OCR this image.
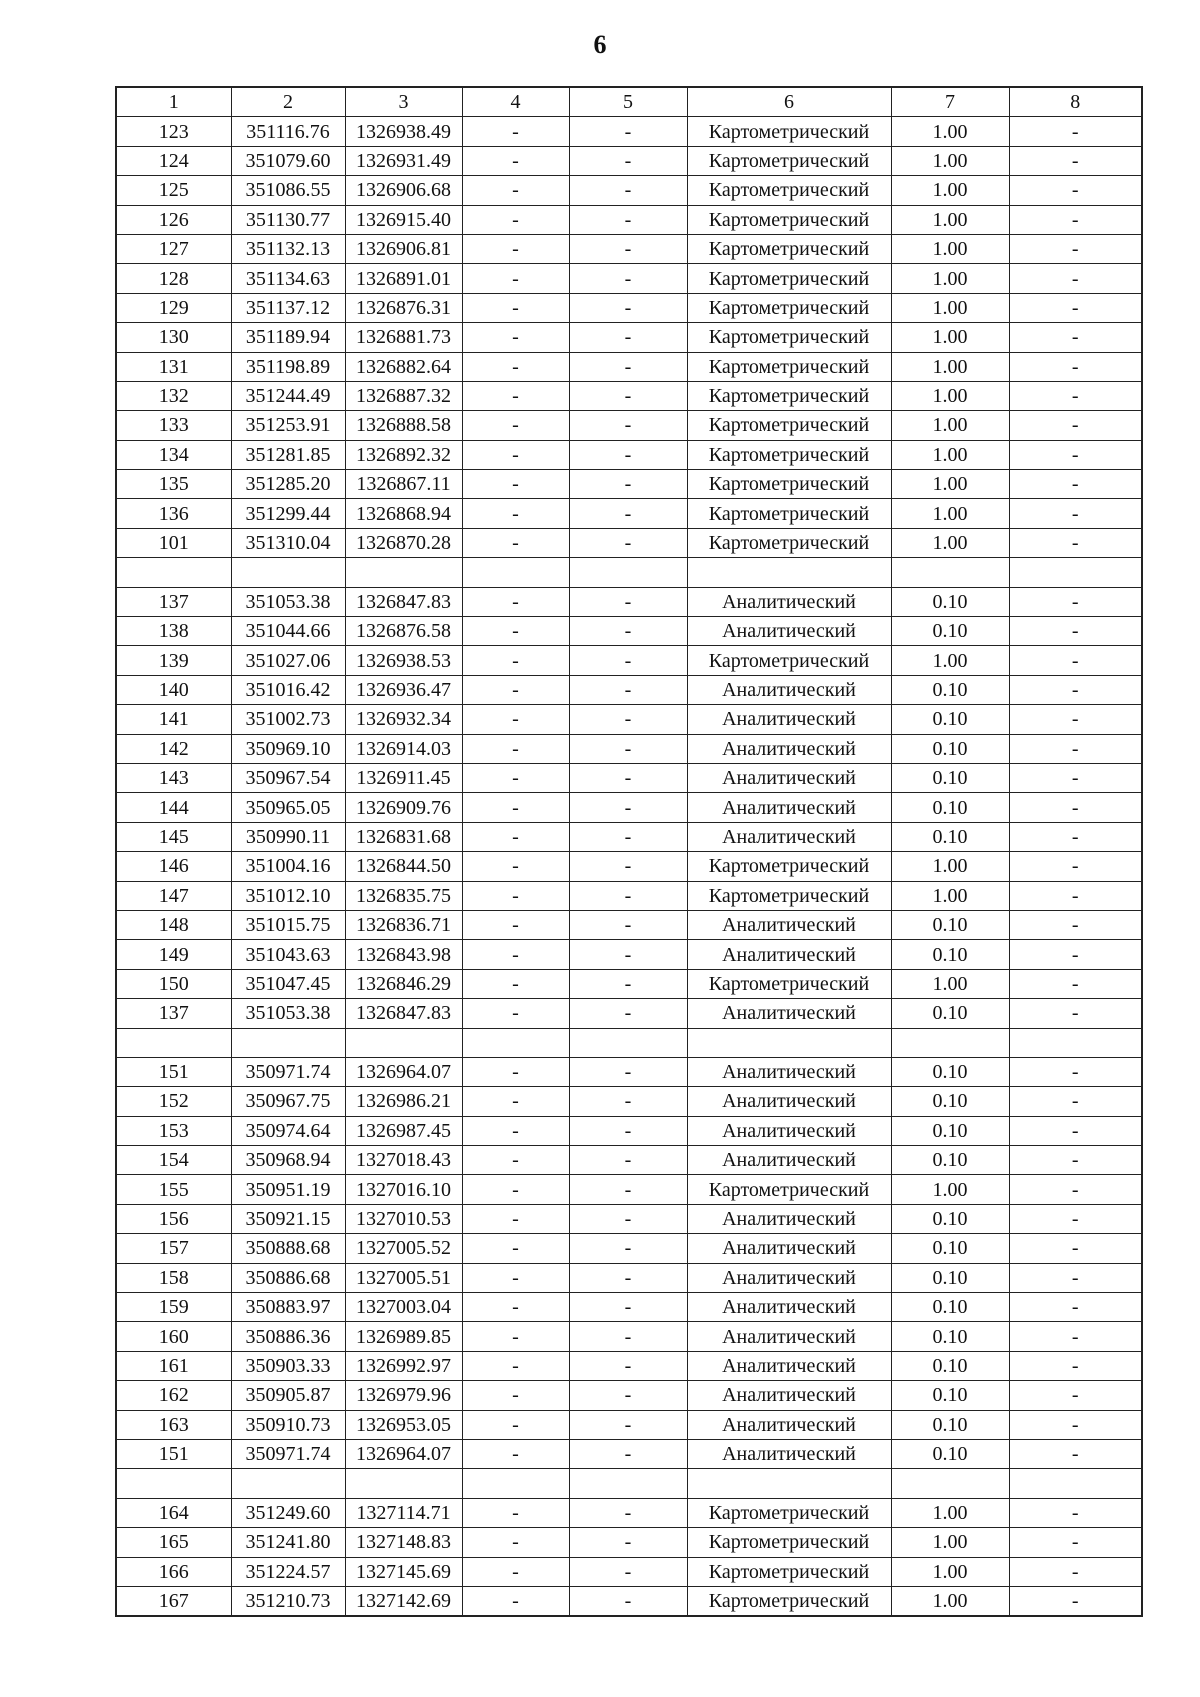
6
1	2	3	4	5	6	7	8
123	351116.76	1326938.49	-	-	Картометрический	1.00	-
124	351079.60	1326931.49	-	-	Картометрический	1.00	-
125	351086.55	1326906.68	-	-	Картометрический	1.00	-
126	351130.77	1326915.40	-	-	Картометрический	1.00	-
127	351132.13	1326906.81	-	-	Картометрический	1.00	-
128	351134.63	1326891.01	-	-	Картометрический	1.00	-
129	351137.12	1326876.31	-	-	Картометрический	1.00	-
130	351189.94	1326881.73	-	-	Картометрический	1.00	-
131	351198.89	1326882.64	-	-	Картометрический	1.00	-
132	351244.49	1326887.32	-	-	Картометрический	1.00	-
133	351253.91	1326888.58	-	-	Картометрический	1.00	-
134	351281.85	1326892.32	-	-	Картометрический	1.00	-
135	351285.20	1326867.11	-	-	Картометрический	1.00	-
136	351299.44	1326868.94	-	-	Картометрический	1.00	-
101	351310.04	1326870.28	-	-	Картометрический	1.00	-

137	351053.38	1326847.83	-	-	Аналитический	0.10	-
138	351044.66	1326876.58	-	-	Аналитический	0.10	-
139	351027.06	1326938.53	-	-	Картометрический	1.00	-
140	351016.42	1326936.47	-	-	Аналитический	0.10	-
141	351002.73	1326932.34	-	-	Аналитический	0.10	-
142	350969.10	1326914.03	-	-	Аналитический	0.10	-
143	350967.54	1326911.45	-	-	Аналитический	0.10	-
144	350965.05	1326909.76	-	-	Аналитический	0.10	-
145	350990.11	1326831.68	-	-	Аналитический	0.10	-
146	351004.16	1326844.50	-	-	Картометрический	1.00	-
147	351012.10	1326835.75	-	-	Картометрический	1.00	-
148	351015.75	1326836.71	-	-	Аналитический	0.10	-
149	351043.63	1326843.98	-	-	Аналитический	0.10	-
150	351047.45	1326846.29	-	-	Картометрический	1.00	-
137	351053.38	1326847.83	-	-	Аналитический	0.10	-

151	350971.74	1326964.07	-	-	Аналитический	0.10	-
152	350967.75	1326986.21	-	-	Аналитический	0.10	-
153	350974.64	1326987.45	-	-	Аналитический	0.10	-
154	350968.94	1327018.43	-	-	Аналитический	0.10	-
155	350951.19	1327016.10	-	-	Картометрический	1.00	-
156	350921.15	1327010.53	-	-	Аналитический	0.10	-
157	350888.68	1327005.52	-	-	Аналитический	0.10	-
158	350886.68	1327005.51	-	-	Аналитический	0.10	-
159	350883.97	1327003.04	-	-	Аналитический	0.10	-
160	350886.36	1326989.85	-	-	Аналитический	0.10	-
161	350903.33	1326992.97	-	-	Аналитический	0.10	-
162	350905.87	1326979.96	-	-	Аналитический	0.10	-
163	350910.73	1326953.05	-	-	Аналитический	0.10	-
151	350971.74	1326964.07	-	-	Аналитический	0.10	-

164	351249.60	1327114.71	-	-	Картометрический	1.00	-
165	351241.80	1327148.83	-	-	Картометрический	1.00	-
166	351224.57	1327145.69	-	-	Картометрический	1.00	-
167	351210.73	1327142.69	-	-	Картометрический	1.00	-
